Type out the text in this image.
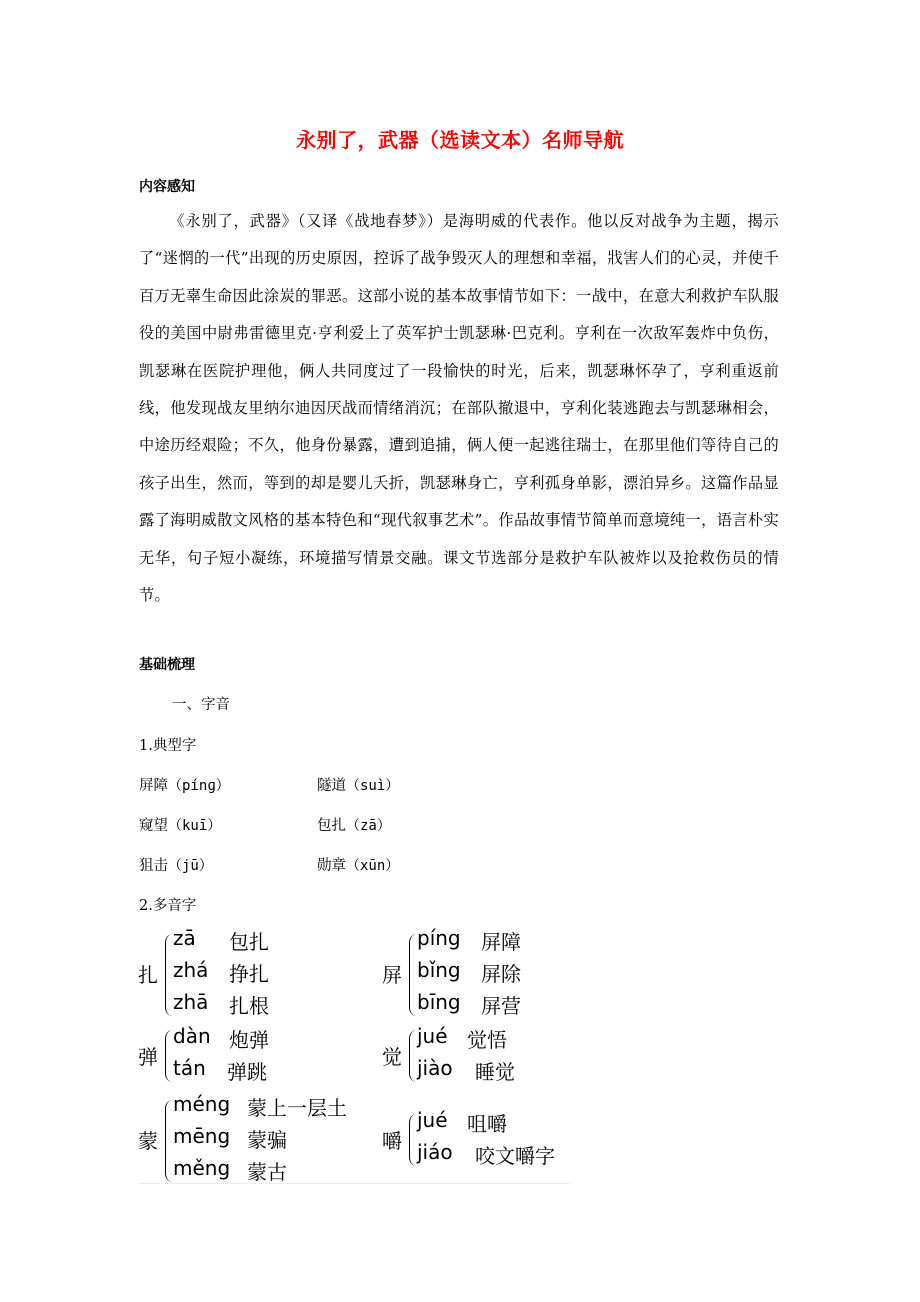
永别了，武器（选读文本）名师导航
内容感知

《永别了，武器》（又译《战地春梦》）是海明威的代表作。他以反对战争为主题，揭示了“迷惘的一代”出现的历史原因，控诉了战争毁灭人的理想和幸福，戕害人们的心灵，并使千百万无辜生命因此涂炭的罪恶。这部小说的基本故事情节如下：一战中，在意大利救护车队服役的美国中尉弗雷德里克·亨利爱上了英军护士凯瑟琳·巴克利。亨利在一次敌军轰炸中负伤，凯瑟琳在医院护理他，俩人共同度过了一段愉快的时光，后来，凯瑟琳怀孕了，亨利重返前线，他发现战友里纳尔迪因厌战而情绪消沉；在部队撤退中，亨利化装逃跑去与凯瑟琳相会，中途历经艰险；不久，他身份暴露，遭到追捕，俩人便一起逃往瑞士，在那里他们等待自己的孩子出生，然而，等到的却是婴儿夭折，凯瑟琳身亡，亨利孤身单影，漂泊异乡。这篇作品显露了海明威散文风格的基本特色和“现代叙事艺术”。作品故事情节简单而意境纯一，语言朴实无华，句子短小凝练，环境描写情景交融。课文节选部分是救护车队被炸以及抢救伤员的情节。

基础梳理
一、字音
1.典型字
屏障（pínɡ）	隧道（suì）
窥望（kuī）	包扎（zā）
狙击（jū）	勋章（xūn）
2.多音字
扎
zā 包扎
zhá 挣扎
zhā 扎根
屏
píng 屏障
bǐng 屏除
bīng 屏营
弹
dàn 炮弹
tán 弹跳
觉
jué 觉悟
jiào 睡觉
蒙
méng 蒙上一层土
mēng 蒙骗
měng 蒙古
嚼
jué 咀嚼
jiáo 咬文嚼字
